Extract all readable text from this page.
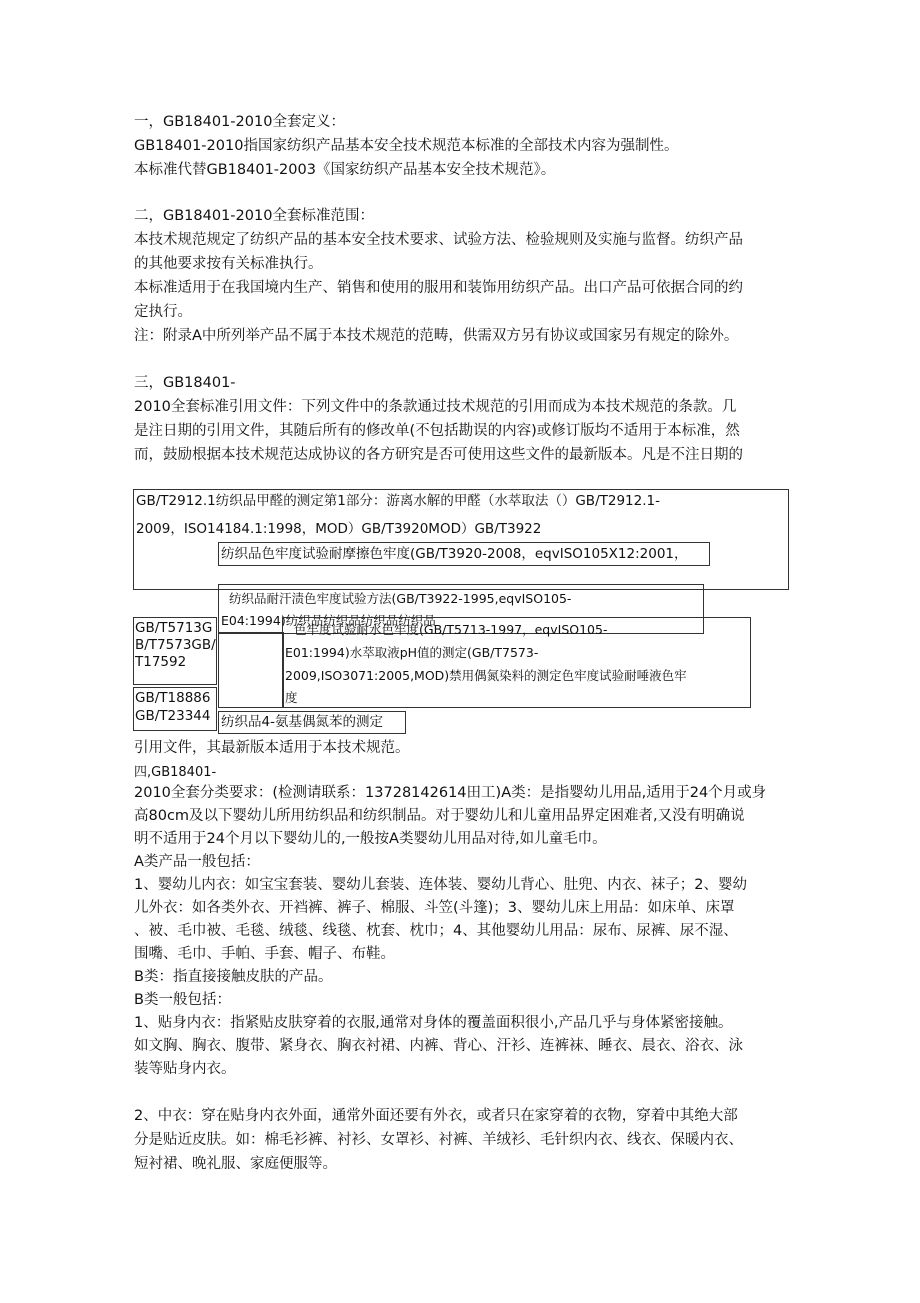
一，GB18401-2010全套定义：
GB18401-2010指国家纺织产品基本安全技术规范本标准的全部技术内容为强制性。
本标准代替GB18401-2003《国家纺织产品基本安全技术规范》。
二，GB18401-2010全套标准范围：
本技术规范规定了纺织产品的基本安全技术要求、试验方法、检验规则及实施与监督。纺织产品
的其他要求按有关标准执行。
本标准适用于在我国境内生产、销售和使用的服用和装饰用纺织产品。出口产品可依据合同的约
定执行。
注：附录A中所列举产品不属于本技术规范的范畴，供需双方另有协议或国家另有规定的除外。
三，GB18401-
2010全套标准引用文件：下列文件中的条款通过技术规范的引用而成为本技术规范的条款。几
是注日期的引用文件，其随后所有的修改单(不包括勘误的内容)或修订版均不适用于本标准，然
而，鼓励根据本技术规范达成协议的各方研究是否可使用这些文件的最新版本。凡是不注日期的
GB/T2912.1纺织品甲醛的测定第1部分：游离水解的甲醛（水萃取法（）GB/T2912.1-
2009，ISO14184.1:1998，MOD）GB/T3920MOD）GB/T3922
纺织品色牢度试验耐摩擦色牢度(GB/T3920-2008，eqvISO105X12:2001，
纺织品耐汗渍色牢度试验方法(GB/T3922-1995,eqvISO105-
E04:1994)纺织品纺织品纺织品纺织品
GB/T5713G
B/T7573GB/
T17592
色牢度试验耐水色牢度(GB/T5713-1997，eqvISO105-
E01:1994)水萃取液pH值的测定(GB/T7573-
2009,ISO3071:2005,MOD)禁用偶氮染料的测定色牢度试验耐唾液色牢
度
GB/T18886
GB/T23344 纺织品4-氨基偶氮苯的测定
引用文件，其最新版本适用于本技术规范。
四,GB18401-
2010全套分类要求：(检测请联系：13728142614田工)A类：是指婴幼儿用品,适用于24个月或身
高80cm及以下婴幼儿所用纺织品和纺织制品。对于婴幼儿和儿童用品界定困难者,又没有明确说
明不适用于24个月以下婴幼儿的,一般按A类婴幼儿用品对待,如儿童毛巾。
A类产品一般包括：
1、婴幼儿内衣：如宝宝套装、婴幼儿套装、连体装、婴幼儿背心、肚兜、内衣、袜子；2、婴幼
儿外衣：如各类外衣、开裆裤、裤子、棉服、斗笠(斗篷)；3、婴幼儿床上用品：如床单、床罩
、被、毛巾被、毛毯、绒毯、线毯、枕套、枕巾；4、其他婴幼儿用品：尿布、尿裤、尿不湿、
围嘴、毛巾、手帕、手套、帽子、布鞋。
B类：指直接接触皮肤的产品。
B类一般包括：
1、贴身内衣：指紧贴皮肤穿着的衣服,通常对身体的覆盖面积很小,产品几乎与身体紧密接触。
如文胸、胸衣、腹带、紧身衣、胸衣衬裙、内裤、背心、汗衫、连裤袜、睡衣、晨衣、浴衣、泳
装等贴身内衣。
2、中衣：穿在贴身内衣外面，通常外面还要有外衣，或者只在家穿着的衣物，穿着中其绝大部
分是贴近皮肤。如：棉毛衫裤、衬衫、女罩衫、衬裤、羊绒衫、毛针织内衣、线衣、保暖内衣、
短衬裙、晚礼服、家庭便服等。
